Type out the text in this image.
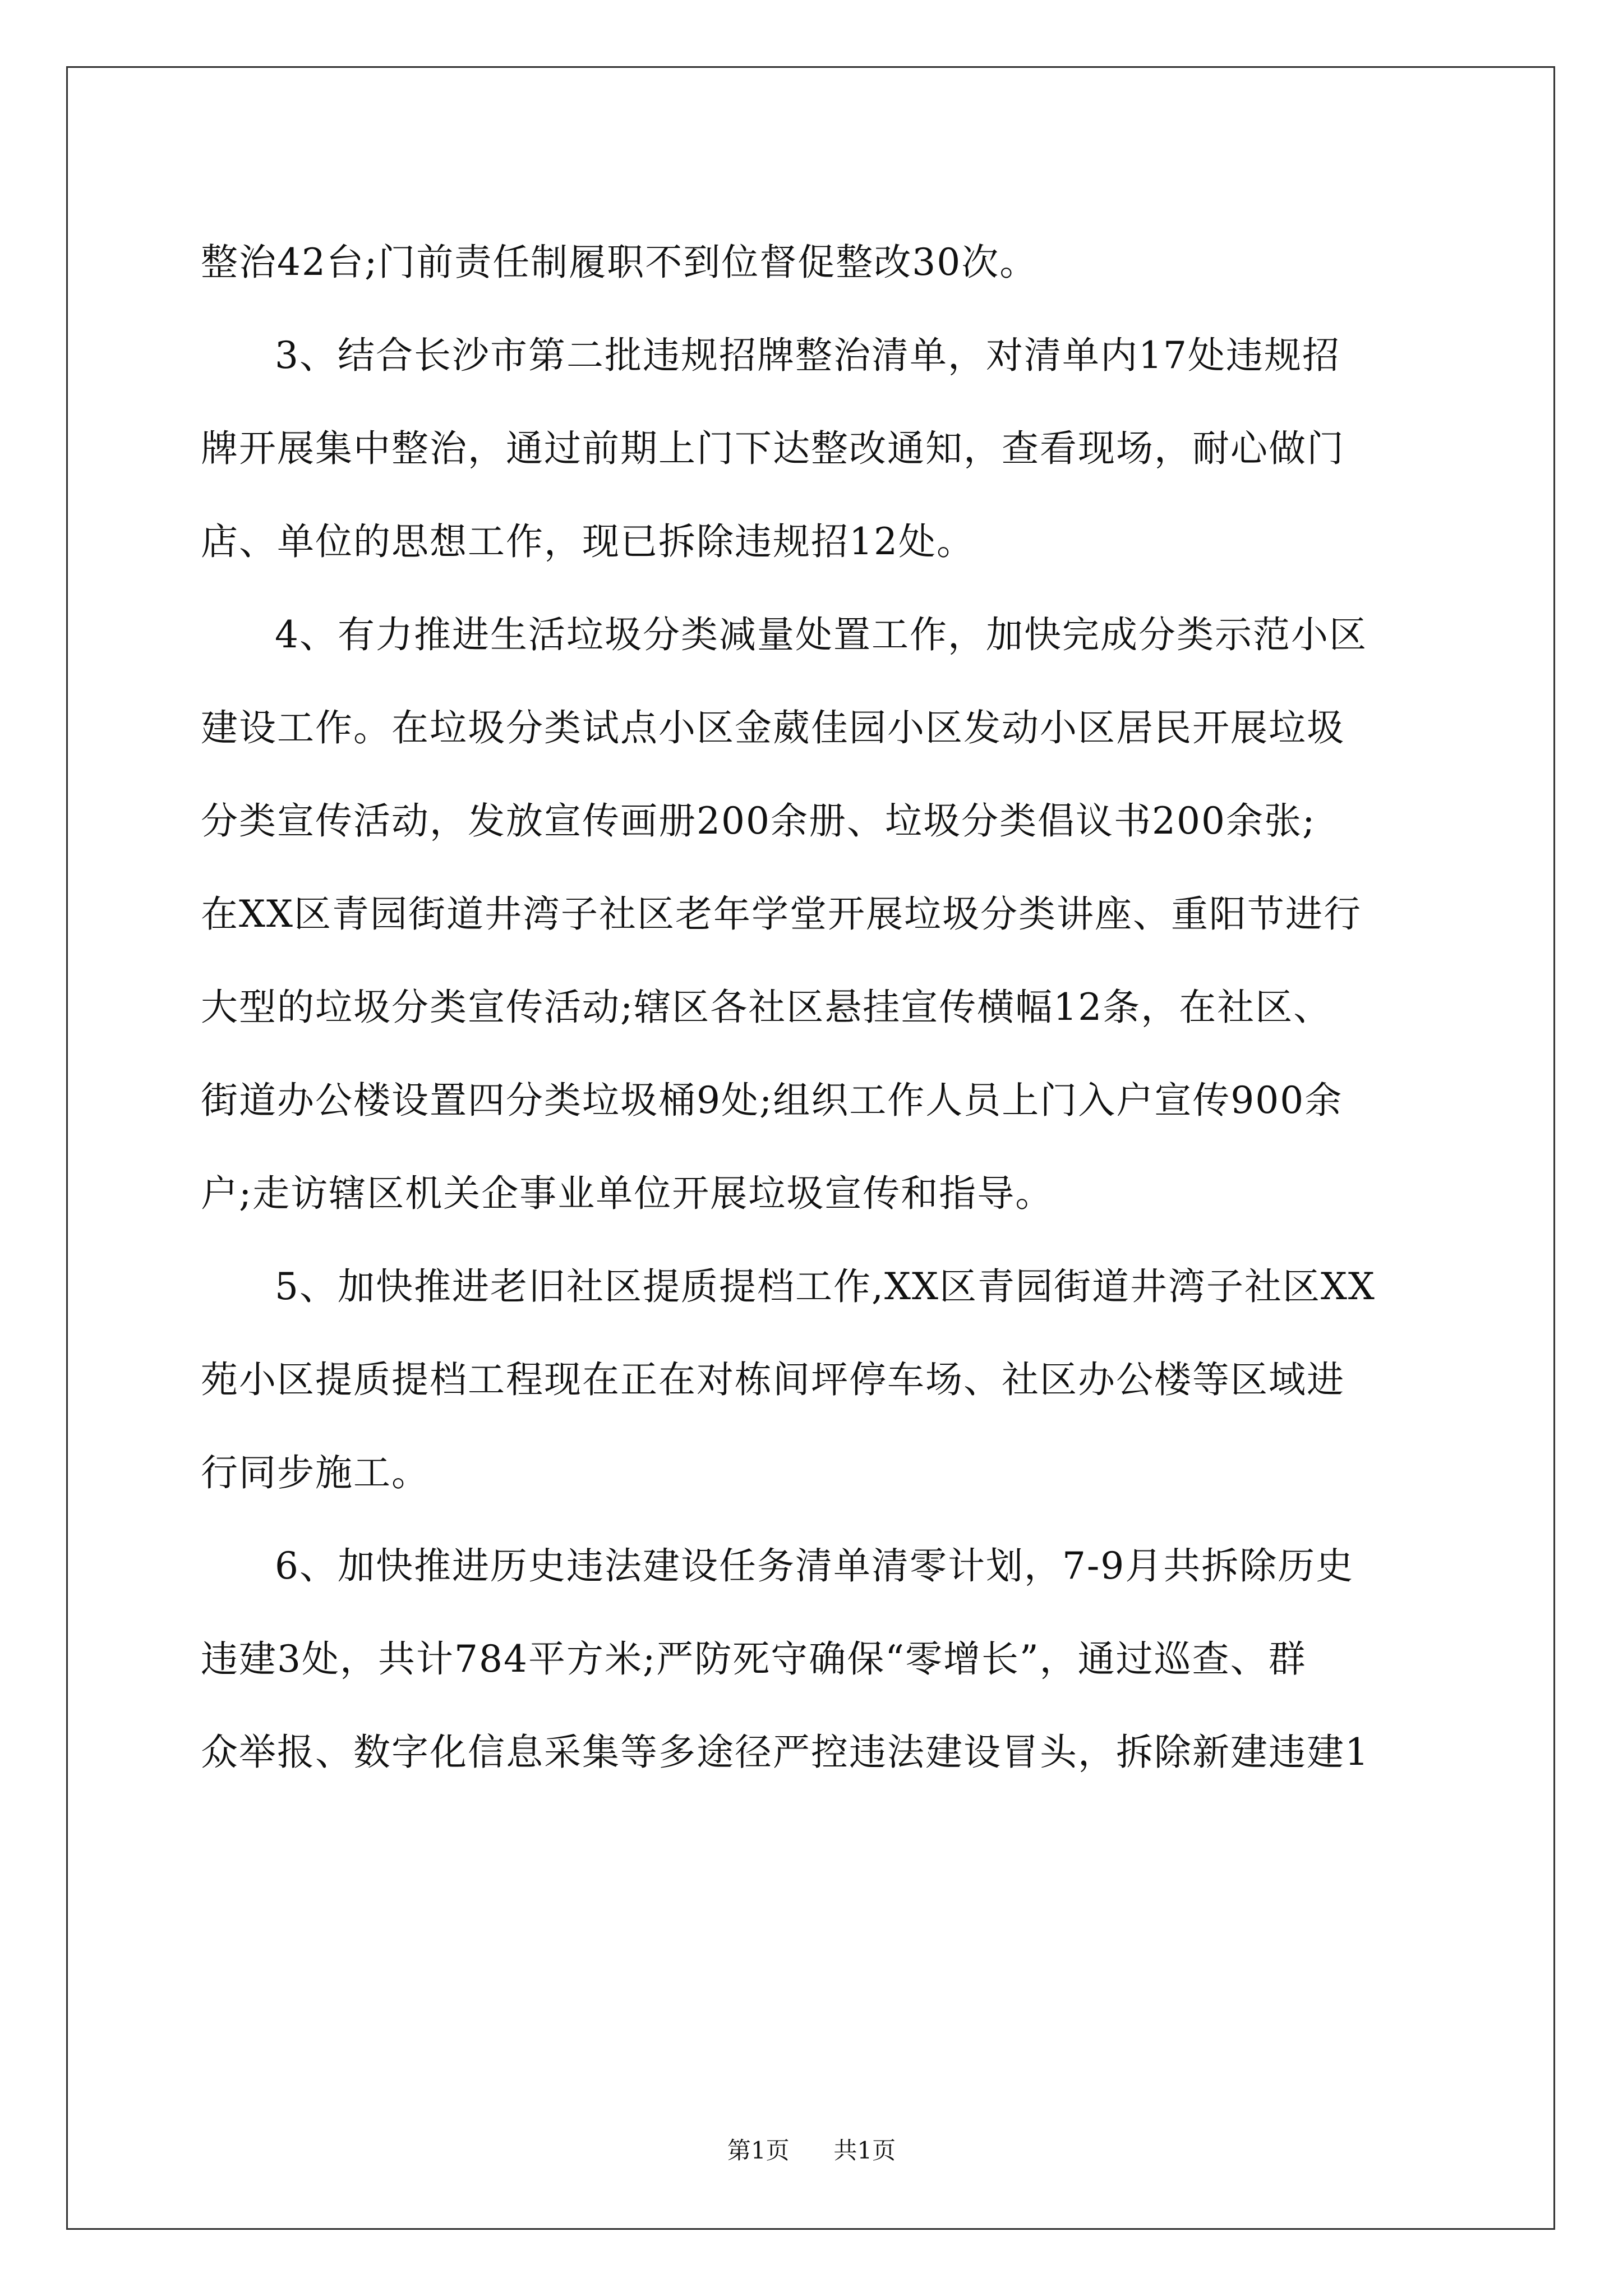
整治42台;门前责任制履职不到位督促整改30次。
3、结合长沙市第二批违规招牌整治清单，对清单内17处违规招
牌开展集中整治，通过前期上门下达整改通知，查看现场，耐心做门
店、单位的思想工作，现已拆除违规招12处。
4、有力推进生活垃圾分类减量处置工作，加快完成分类示范小区
建设工作。在垃圾分类试点小区金葳佳园小区发动小区居民开展垃圾
分类宣传活动，发放宣传画册200余册、垃圾分类倡议书200余张;
在XX区青园街道井湾子社区老年学堂开展垃圾分类讲座、重阳节进行
大型的垃圾分类宣传活动;辖区各社区悬挂宣传横幅12条，在社区、
街道办公楼设置四分类垃圾桶9处;组织工作人员上门入户宣传900余
户;走访辖区机关企事业单位开展垃圾宣传和指导。
5、加快推进老旧社区提质提档工作,XX区青园街道井湾子社区XX
苑小区提质提档工程现在正在对栋间坪停车场、社区办公楼等区域进
行同步施工。
6、加快推进历史违法建设任务清单清零计划，7-9月共拆除历史
违建3处，共计784平方米;严防死守确保“零增长”，通过巡查、群
众举报、数字化信息采集等多途径严控违法建设冒头，拆除新建违建1
第1页 共1页
